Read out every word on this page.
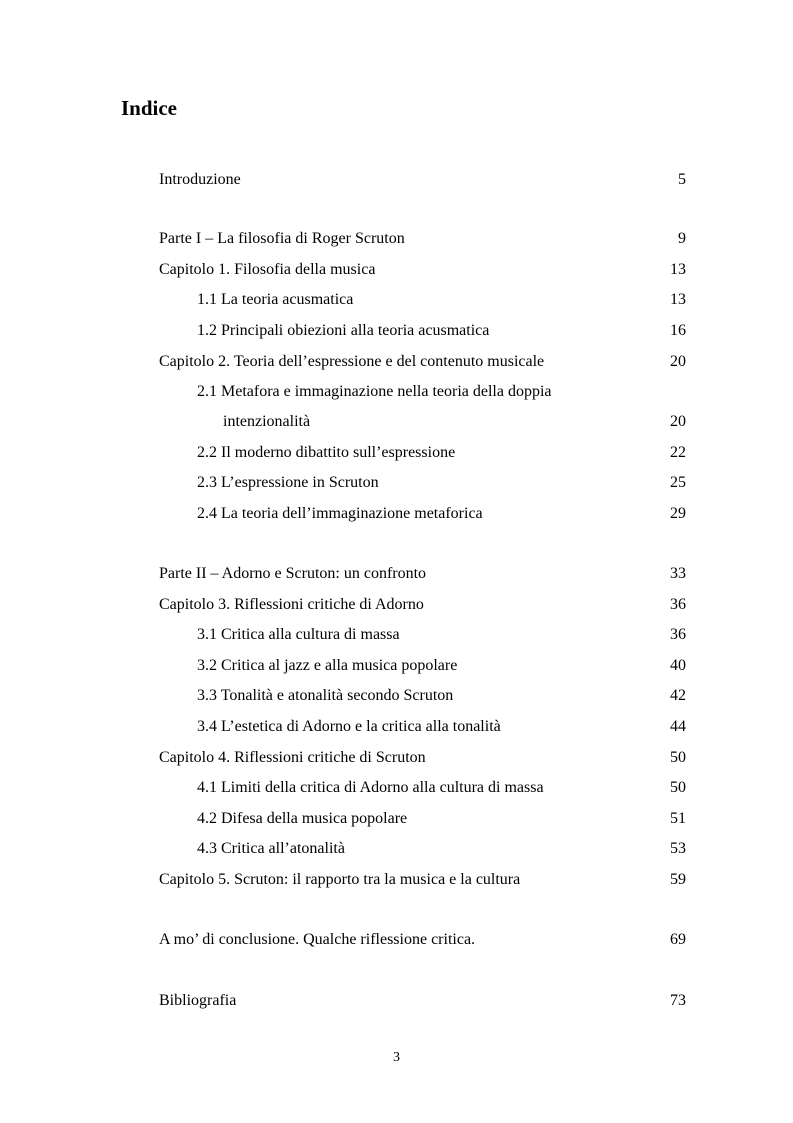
Indice
Introduzione	5
Parte I – La filosofia di Roger Scruton	9
Capitolo 1. Filosofia della musica	13
1.1 La teoria acusmatica	13
1.2 Principali obiezioni alla teoria acusmatica	16
Capitolo 2. Teoria dell’espressione e del contenuto musicale	20
2.1 Metafora e immaginazione nella teoria della doppia
intenzionalità	20
2.2 Il moderno dibattito sull’espressione	22
2.3 L’espressione in Scruton	25
2.4 La teoria dell’immaginazione metaforica	29
Parte II – Adorno e Scruton: un confronto	33
Capitolo 3. Riflessioni critiche di Adorno	36
3.1 Critica alla cultura di massa	36
3.2 Critica al jazz e alla musica popolare	40
3.3 Tonalità e atonalità secondo Scruton	42
3.4 L’estetica di Adorno e la critica alla tonalità	44
Capitolo 4. Riflessioni critiche di Scruton	50
4.1 Limiti della critica di Adorno alla cultura di massa	50
4.2 Difesa della musica popolare	51
4.3 Critica all’atonalità	53
Capitolo 5. Scruton: il rapporto tra la musica e la cultura	59
A mo’ di conclusione. Qualche riflessione critica.	69
Bibliografia	73
3
